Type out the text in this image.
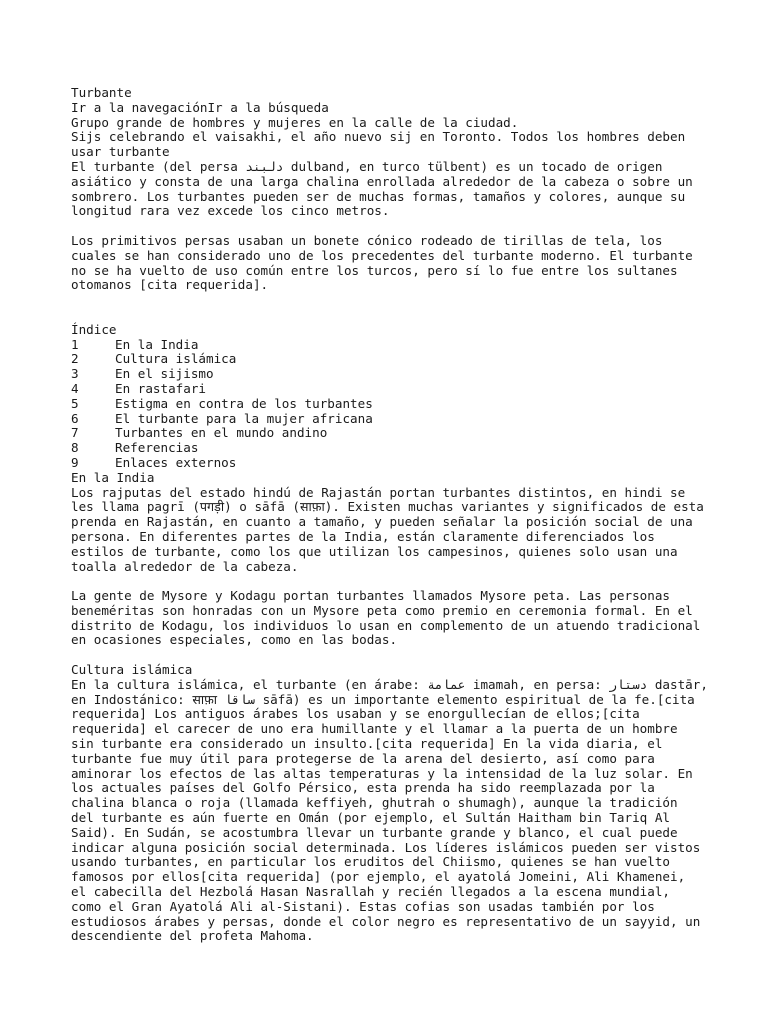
Turbante
Ir a la navegaciónIr a la búsqueda
Grupo grande de hombres y mujeres en la calle de la ciudad.
Sijs celebrando el vaisakhi, el año nuevo sij en Toronto. Todos los hombres deben
usar turbante
El turbante (del persa دلبند dulband, en turco tülbent) es un tocado de origen
asiático y consta de una larga chalina enrollada alrededor de la cabeza o sobre un
sombrero. Los turbantes pueden ser de muchas formas, tamaños y colores, aunque su
longitud rara vez excede los cinco metros.
Los primitivos persas usaban un bonete cónico rodeado de tirillas de tela, los
cuales se han considerado uno de los precedentes del turbante moderno. El turbante
no se ha vuelto de uso común entre los turcos, pero sí lo fue entre los sultanes
otomanos [cita requerida].
Índice
1	En la India
2	Cultura islámica
3	En el sijismo
4	En rastafari
5	Estigma en contra de los turbantes
6	El turbante para la mujer africana
7	Turbantes en el mundo andino
8	Referencias
9	Enlaces externos
En la India
Los rajputas del estado hindú de Rajastán portan turbantes distintos, en hindi se
les llama pagrī (पगड़ी) o sāfā (साफ़ा). Existen muchas variantes y significados de esta
prenda en Rajastán, en cuanto a tamaño, y pueden señalar la posición social de una
persona. En diferentes partes de la India, están claramente diferenciados los
estilos de turbante, como los que utilizan los campesinos, quienes solo usan una
toalla alrededor de la cabeza.
La gente de Mysore y Kodagu portan turbantes llamados Mysore peta. Las personas
beneméritas son honradas con un Mysore peta como premio en ceremonia formal. En el
distrito de Kodagu, los individuos lo usan en complemento de un atuendo tradicional
en ocasiones especiales, como en las bodas.
Cultura islámica
En la cultura islámica, el turbante (en árabe: عمامة imamah, en persa: دستار dastār,
en Indostánico: साफ़ा ساقا sāfā) es un importante elemento espiritual de la fe.[cita
requerida] Los antiguos árabes los usaban y se enorgullecían de ellos;[cita
requerida] el carecer de uno era humillante y el llamar a la puerta de un hombre
sin turbante era considerado un insulto.[cita requerida] En la vida diaria, el
turbante fue muy útil para protegerse de la arena del desierto, así como para
aminorar los efectos de las altas temperaturas y la intensidad de la luz solar. En
los actuales países del Golfo Pérsico, esta prenda ha sido reemplazada por la
chalina blanca o roja (llamada keffiyeh, ghutrah o shumagh), aunque la tradición
del turbante es aún fuerte en Omán (por ejemplo, el Sultán Haitham bin Tariq Al
Said). En Sudán, se acostumbra llevar un turbante grande y blanco, el cual puede
indicar alguna posición social determinada. Los líderes islámicos pueden ser vistos
usando turbantes, en particular los eruditos del Chiismo, quienes se han vuelto
famosos por ellos[cita requerida] (por ejemplo, el ayatolá Jomeini, Ali Khamenei,
el cabecilla del Hezbolá Hasan Nasrallah y recién llegados a la escena mundial,
como el Gran Ayatolá Ali al-Sistani). Estas cofias son usadas también por los
estudiosos árabes y persas, donde el color negro es representativo de un sayyid, un
descendiente del profeta Mahoma.
